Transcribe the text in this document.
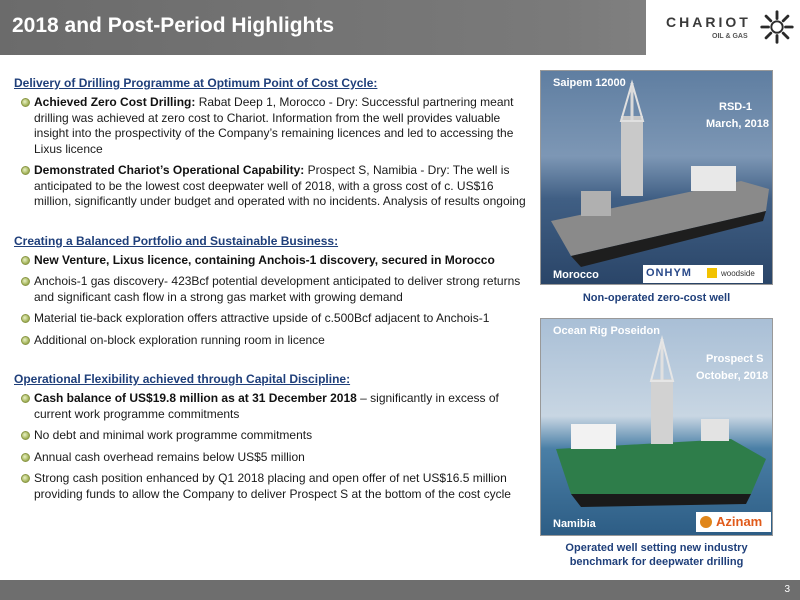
2018 and Post-Period Highlights	CHARIOT
OIL & GAS
Delivery of Drilling Programme at Optimum Point of Cost Cycle:
Achieved Zero Cost Drilling: Rabat Deep 1, Morocco - Dry: Successful partnering meant drilling was achieved at zero cost to Chariot. Information from the well provides valuable insight into the prospectivity of the Company’s remaining licences and led to accessing the Lixus licence
Demonstrated Chariot’s Operational Capability: Prospect S, Namibia - Dry: The well is anticipated to be the lowest cost deepwater well of 2018, with a gross cost of c. US$16 million, significantly under budget and operated with no incidents. Analysis of results ongoing
Creating a Balanced Portfolio and Sustainable Business:
New Venture, Lixus licence, containing Anchois-1 discovery, secured in Morocco
Anchois-1 gas discovery- 423Bcf potential development anticipated to deliver strong returns and significant cash flow in a strong gas market with growing demand
Material tie-back exploration offers attractive upside of c.500Bcf adjacent to Anchois-1
Additional on-block exploration running room in licence
Operational Flexibility achieved through Capital Discipline:
Cash balance of US$19.8 million as at 31 December 2018 – significantly in excess of current work programme commitments
No debt and minimal work programme commitments
Annual cash overhead remains below US$5 million
Strong cash position enhanced by Q1 2018 placing and open offer of net US$16.5 million providing funds to allow the Company to deliver Prospect S at the bottom of the cost cycle
Saipem 12000
RSD-1
March, 2018
Morocco	ONHYM	woodside
Non-operated zero-cost well
Ocean Rig Poseidon
Prospect S
October, 2018
Namibia	Azinam
Operated well setting new industry
benchmark for deepwater drilling
3
